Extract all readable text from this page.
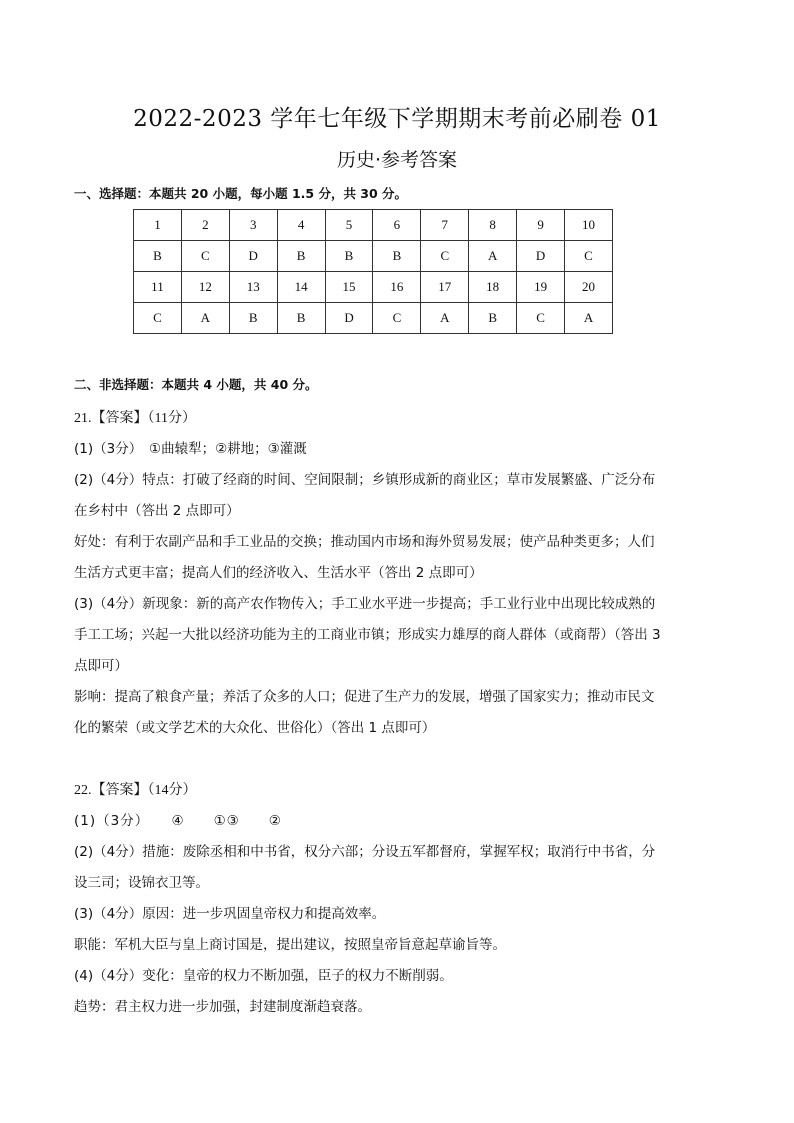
2022-2023 学年七年级下学期期末考前必刷卷 01
历史·参考答案
一、选择题：本题共 20 小题，每小题 1.5 分，共 30 分。
1	2	3	4	5	6	7	8	9	10
B	C	D	B	B	B	C	A	D	C
11	12	13	14	15	16	17	18	19	20
C	A	B	B	D	C	A	B	C	A
二、非选择题：本题共 4 小题，共 40 分。

21.【答案】（11分）

(1)（3分）　①曲辕犁；②耕地；③灌溉

(2)（4分）特点：打破了经商的时间、空间限制；乡镇形成新的商业区；草市发展繁盛、广泛分布

在乡村中（答出 2 点即可）

好处：有利于农副产品和手工业品的交换；推动国内市场和海外贸易发展；使产品种类更多；人们

生活方式更丰富；提高人们的经济收入、生活水平（答出 2 点即可）

(3)（4分）新现象：新的高产农作物传入；手工业水平进一步提高；手工业行业中出现比较成熟的

手工工场；兴起一大批以经济功能为主的工商业市镇；形成实力雄厚的商人群体（或商帮）（答出 3

点即可）

影响：提高了粮食产量；养活了众多的人口；促进了生产力的发展，增强了国家实力；推动市民文

化的繁荣（或文学艺术的大众化、世俗化）（答出 1 点即可）

22.【答案】（14分）

(1)（3分）　　④　　①③　　②

(2)（4分）措施：废除丞相和中书省，权分六部；分设五军都督府，掌握军权；取消行中书省，分

设三司；设锦衣卫等。

(3)（4分）原因：进一步巩固皇帝权力和提高效率。

职能：军机大臣与皇上商讨国是，提出建议，按照皇帝旨意起草谕旨等。

(4)（4分）变化：皇帝的权力不断加强，臣子的权力不断削弱。

趋势：君主权力进一步加强，封建制度渐趋衰落。
